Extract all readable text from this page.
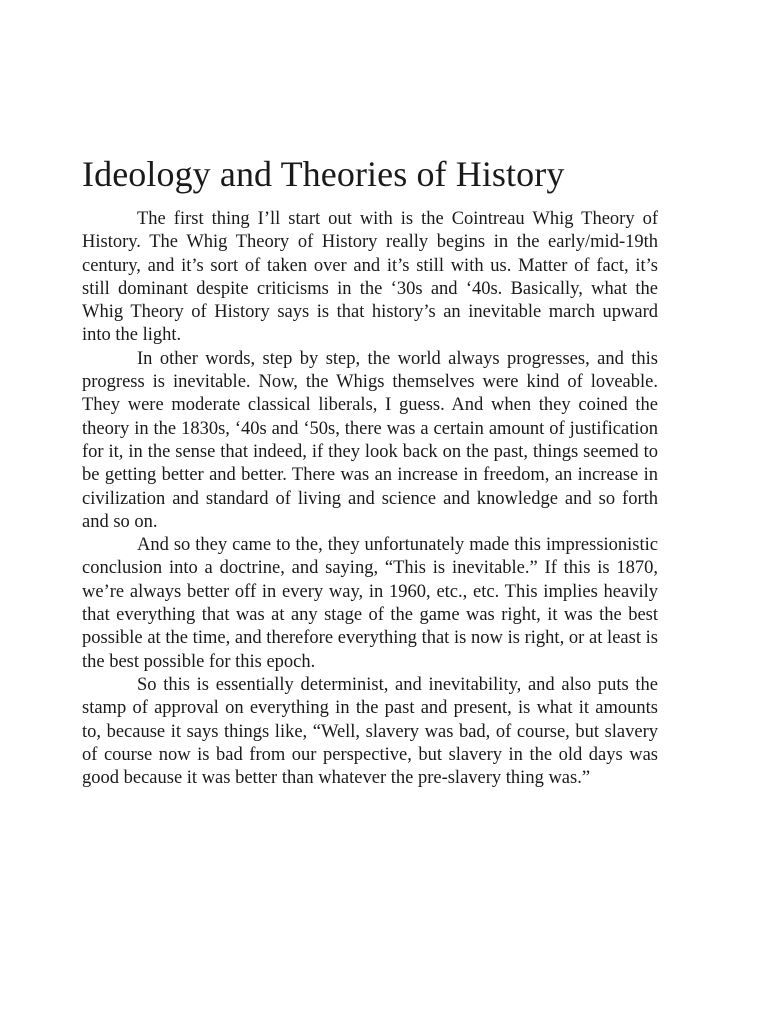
Ideology and Theories of History

The first thing I’ll start out with is the Cointreau Whig Theory of History. The Whig Theory of History really begins in the early/mid-19th century, and it’s sort of taken over and it’s still with us. Matter of fact, it’s still dominant despite criticisms in the ‘30s and ‘40s. Basically, what the Whig Theory of History says is that history’s an inevitable march upward into the light.

In other words, step by step, the world always progresses, and this progress is inevitable. Now, the Whigs themselves were kind of loveable. They were moderate classical liberals, I guess. And when they coined the theory in the 1830s, ‘40s and ‘50s, there was a certain amount of justification for it, in the sense that indeed, if they look back on the past, things seemed to be getting better and better. There was an increase in freedom, an increase in civilization and standard of living and science and knowledge and so forth and so on.

And so they came to the, they unfortunately made this impressionistic conclusion into a doctrine, and saying, “This is inevitable.” If this is 1870, we’re always better off in every way, in 1960, etc., etc. This implies heavily that everything that was at any stage of the game was right, it was the best possible at the time, and therefore everything that is now is right, or at least is the best possible for this epoch.

So this is essentially determinist, and inevitability, and also puts the stamp of approval on everything in the past and present, is what it amounts to, because it says things like, “Well, slavery was bad, of course, but slavery of course now is bad from our perspective, but slavery in the old days was good because it was better than whatever the pre-slavery thing was.”
